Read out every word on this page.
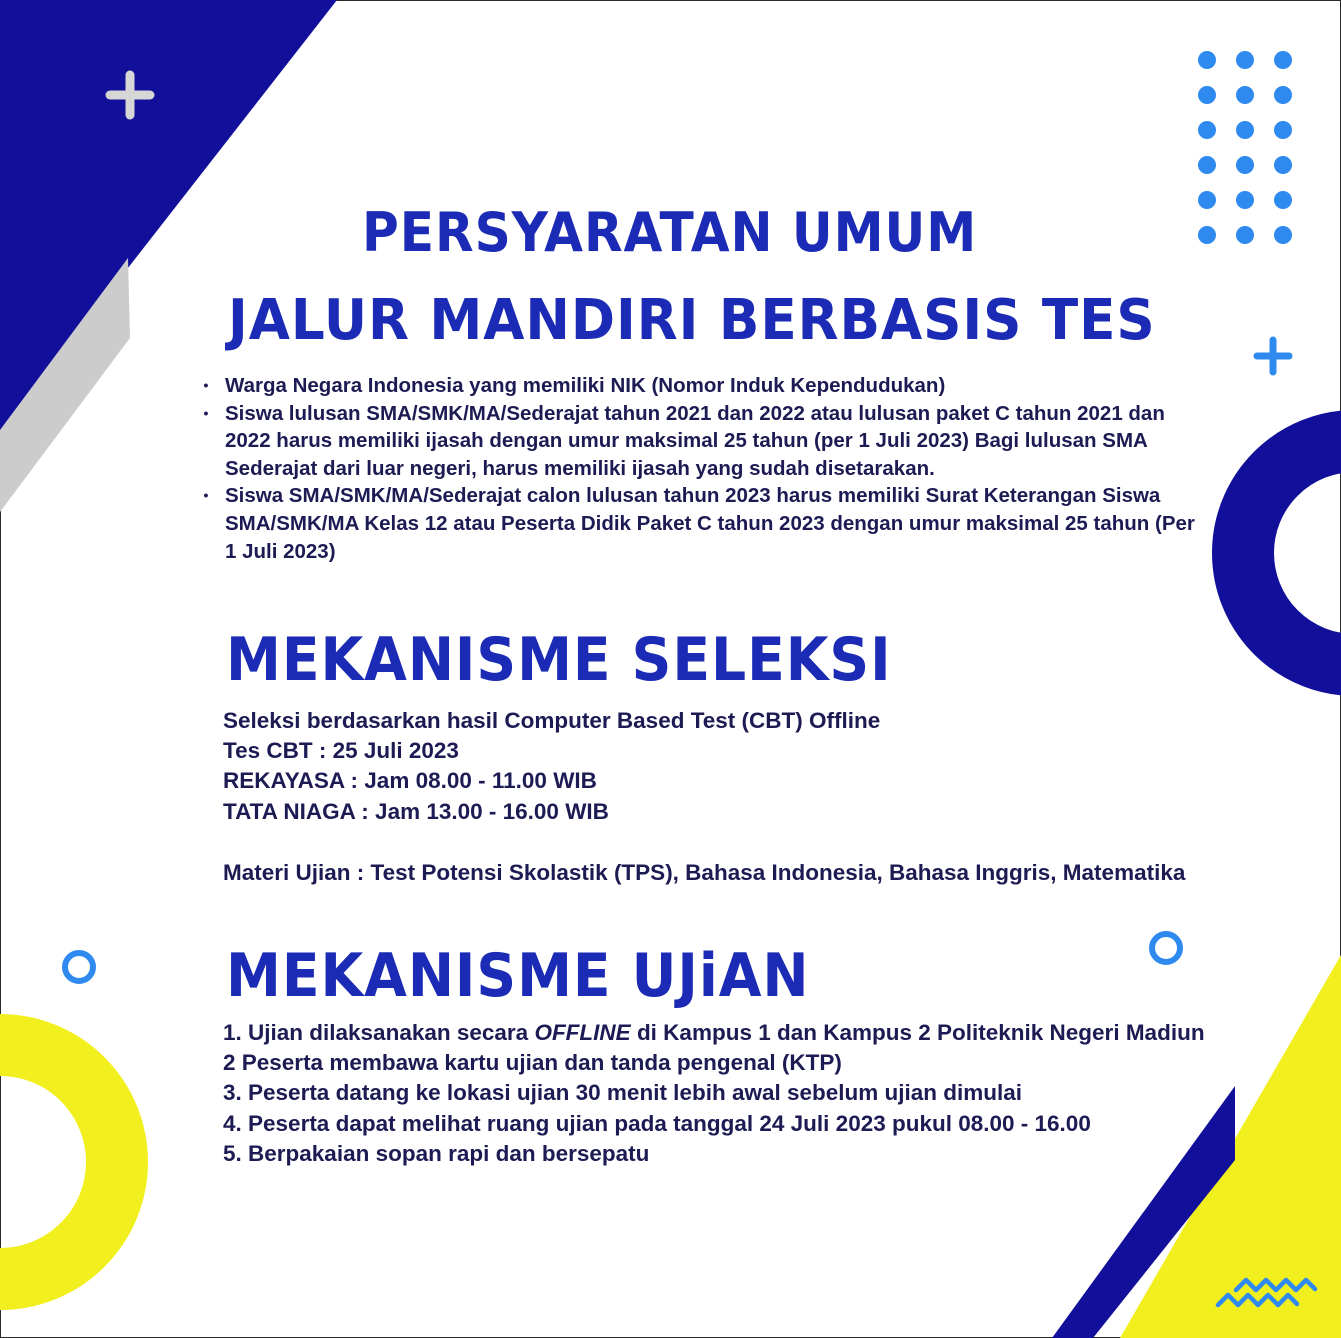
PERSYARATAN UMUM
JALUR MANDIRI BERBASIS TES
• Warga Negara Indonesia yang memiliki NIK (Nomor Induk Kependudukan)
• Siswa lulusan SMA/SMK/MA/Sederajat tahun 2021 dan 2022 atau lulusan paket C tahun 2021 dan 2022 harus memiliki ijasah dengan umur maksimal 25 tahun (per 1 Juli 2023) Bagi lulusan SMA Sederajat dari luar negeri, harus memiliki ijasah yang sudah disetarakan.
• Siswa SMA/SMK/MA/Sederajat calon lulusan tahun 2023 harus memiliki Surat Keterangan Siswa SMA/SMK/MA Kelas 12 atau Peserta Didik Paket C tahun 2023 dengan umur maksimal 25 tahun (Per 1 Juli 2023)
MEKANISME SELEKSI
Seleksi berdasarkan hasil Computer Based Test (CBT) Offline
Tes CBT : 25 Juli 2023
REKAYASA : Jam 08.00 - 11.00 WIB
TATA NIAGA : Jam 13.00 - 16.00 WIB
Materi Ujian : Test Potensi Skolastik (TPS), Bahasa Indonesia, Bahasa Inggris, Matematika
MEKANISME UJiAN
1. Ujian dilaksanakan secara OFFLINE di Kampus 1 dan Kampus 2 Politeknik Negeri Madiun
2 Peserta membawa kartu ujian dan tanda pengenal (KTP)
3. Peserta datang ke lokasi ujian 30 menit lebih awal sebelum ujian dimulai
4. Peserta dapat melihat ruang ujian pada tanggal 24 Juli 2023 pukul 08.00 - 16.00
5. Berpakaian sopan rapi dan bersepatu
